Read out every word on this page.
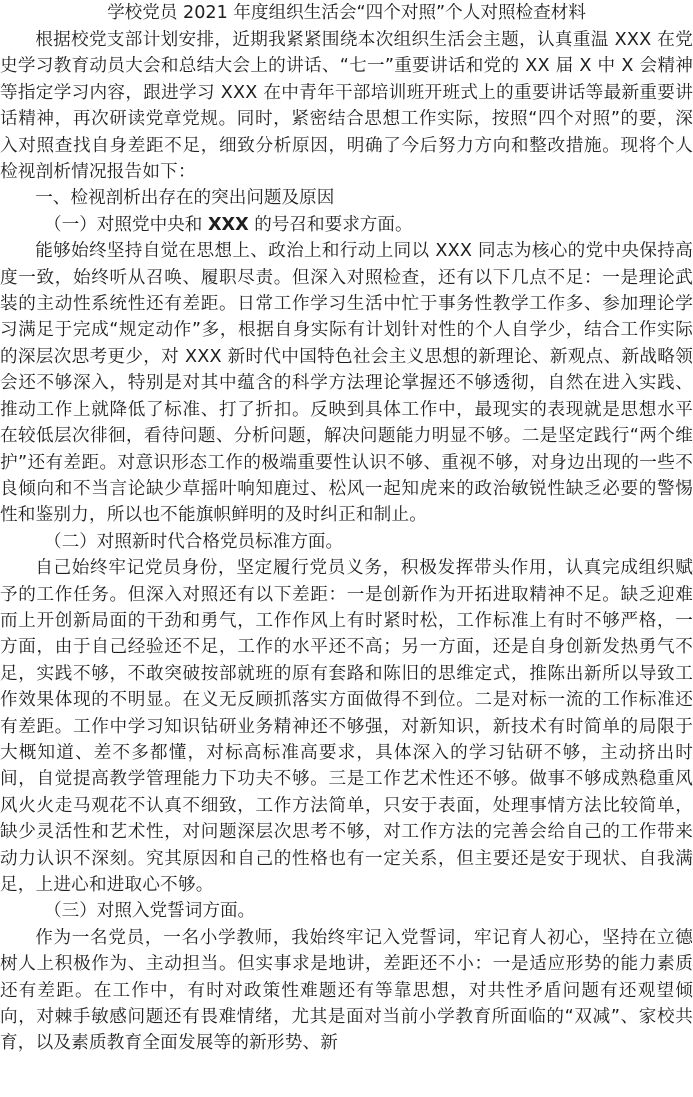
学校党员 2021 年度组织生活会“四个对照”个人对照检查材料

根据校党支部计划安排，近期我紧紧围绕本次组织生活会主题，认真重温 XXX 在党史学习教育动员大会和总结大会上的讲话、“七一”重要讲话和党的 XX 届 X 中 X 会精神等指定学习内容，跟进学习 XXX 在中青年干部培训班开班式上的重要讲话等最新重要讲话精神，再次研读党章党规。同时，紧密结合思想工作实际，按照“四个对照”的要，深入对照查找自身差距不足，细致分析原因，明确了今后努力方向和整改措施。现将个人检视剖析情况报告如下：

一、检视剖析出存在的突出问题及原因

（一）对照党中央和 XXX 的号召和要求方面。

能够始终坚持自觉在思想上、政治上和行动上同以 XXX 同志为核心的党中央保持高度一致，始终听从召唤、履职尽责。但深入对照检查，还有以下几点不足：一是理论武装的主动性系统性还有差距。日常工作学习生活中忙于事务性教学工作多、参加理论学习满足于完成“规定动作”多，根据自身实际有计划针对性的个人自学少，结合工作实际的深层次思考更少，对 XXX 新时代中国特色社会主义思想的新理论、新观点、新战略领会还不够深入，特别是对其中蕴含的科学方法理论掌握还不够透彻，自然在进入实践、推动工作上就降低了标准、打了折扣。反映到具体工作中，最现实的表现就是思想水平在较低层次徘徊，看待问题、分析问题，解决问题能力明显不够。二是坚定践行“两个维护”还有差距。对意识形态工作的极端重要性认识不够、重视不够，对身边出现的一些不良倾向和不当言论缺少草摇叶响知鹿过、松风一起知虎来的政治敏锐性缺乏必要的警惕性和鉴别力，所以也不能旗帜鲜明的及时纠正和制止。

（二）对照新时代合格党员标准方面。

自己始终牢记党员身份，坚定履行党员义务，积极发挥带头作用，认真完成组织赋予的工作任务。但深入对照还有以下差距：一是创新作为开拓进取精神不足。缺乏迎难而上开创新局面的干劲和勇气，工作作风上有时紧时松，工作标准上有时不够严格，一方面，由于自己经验还不足，工作的水平还不高；另一方面，还是自身创新发热勇气不足，实践不够，不敢突破按部就班的原有套路和陈旧的思维定式，推陈出新所以导致工作效果体现的不明显。在义无反顾抓落实方面做得不到位。二是对标一流的工作标准还有差距。工作中学习知识钻研业务精神还不够强，对新知识，新技术有时简单的局限于大概知道、差不多都懂，对标高标准高要求，具体深入的学习钻研不够，主动挤出时间，自觉提高教学管理能力下功夫不够。三是工作艺术性还不够。做事不够成熟稳重风风火火走马观花不认真不细致，工作方法简单，只安于表面，处理事情方法比较简单，缺少灵活性和艺术性，对问题深层次思考不够，对工作方法的完善会给自己的工作带来动力认识不深刻。究其原因和自己的性格也有一定关系，但主要还是安于现状、自我满足，上进心和进取心不够。

（三）对照入党誓词方面。

作为一名党员，一名小学教师，我始终牢记入党誓词，牢记育人初心，坚持在立德树人上积极作为、主动担当。但实事求是地讲，差距还不小：一是适应形势的能力素质还有差距。在工作中，有时对政策性难题还有等靠思想，对共性矛盾问题有还观望倾向，对棘手敏感问题还有畏难情绪，尤其是面对当前小学教育所面临的“双减”、家校共育，以及素质教育全面发展等的新形势、新
